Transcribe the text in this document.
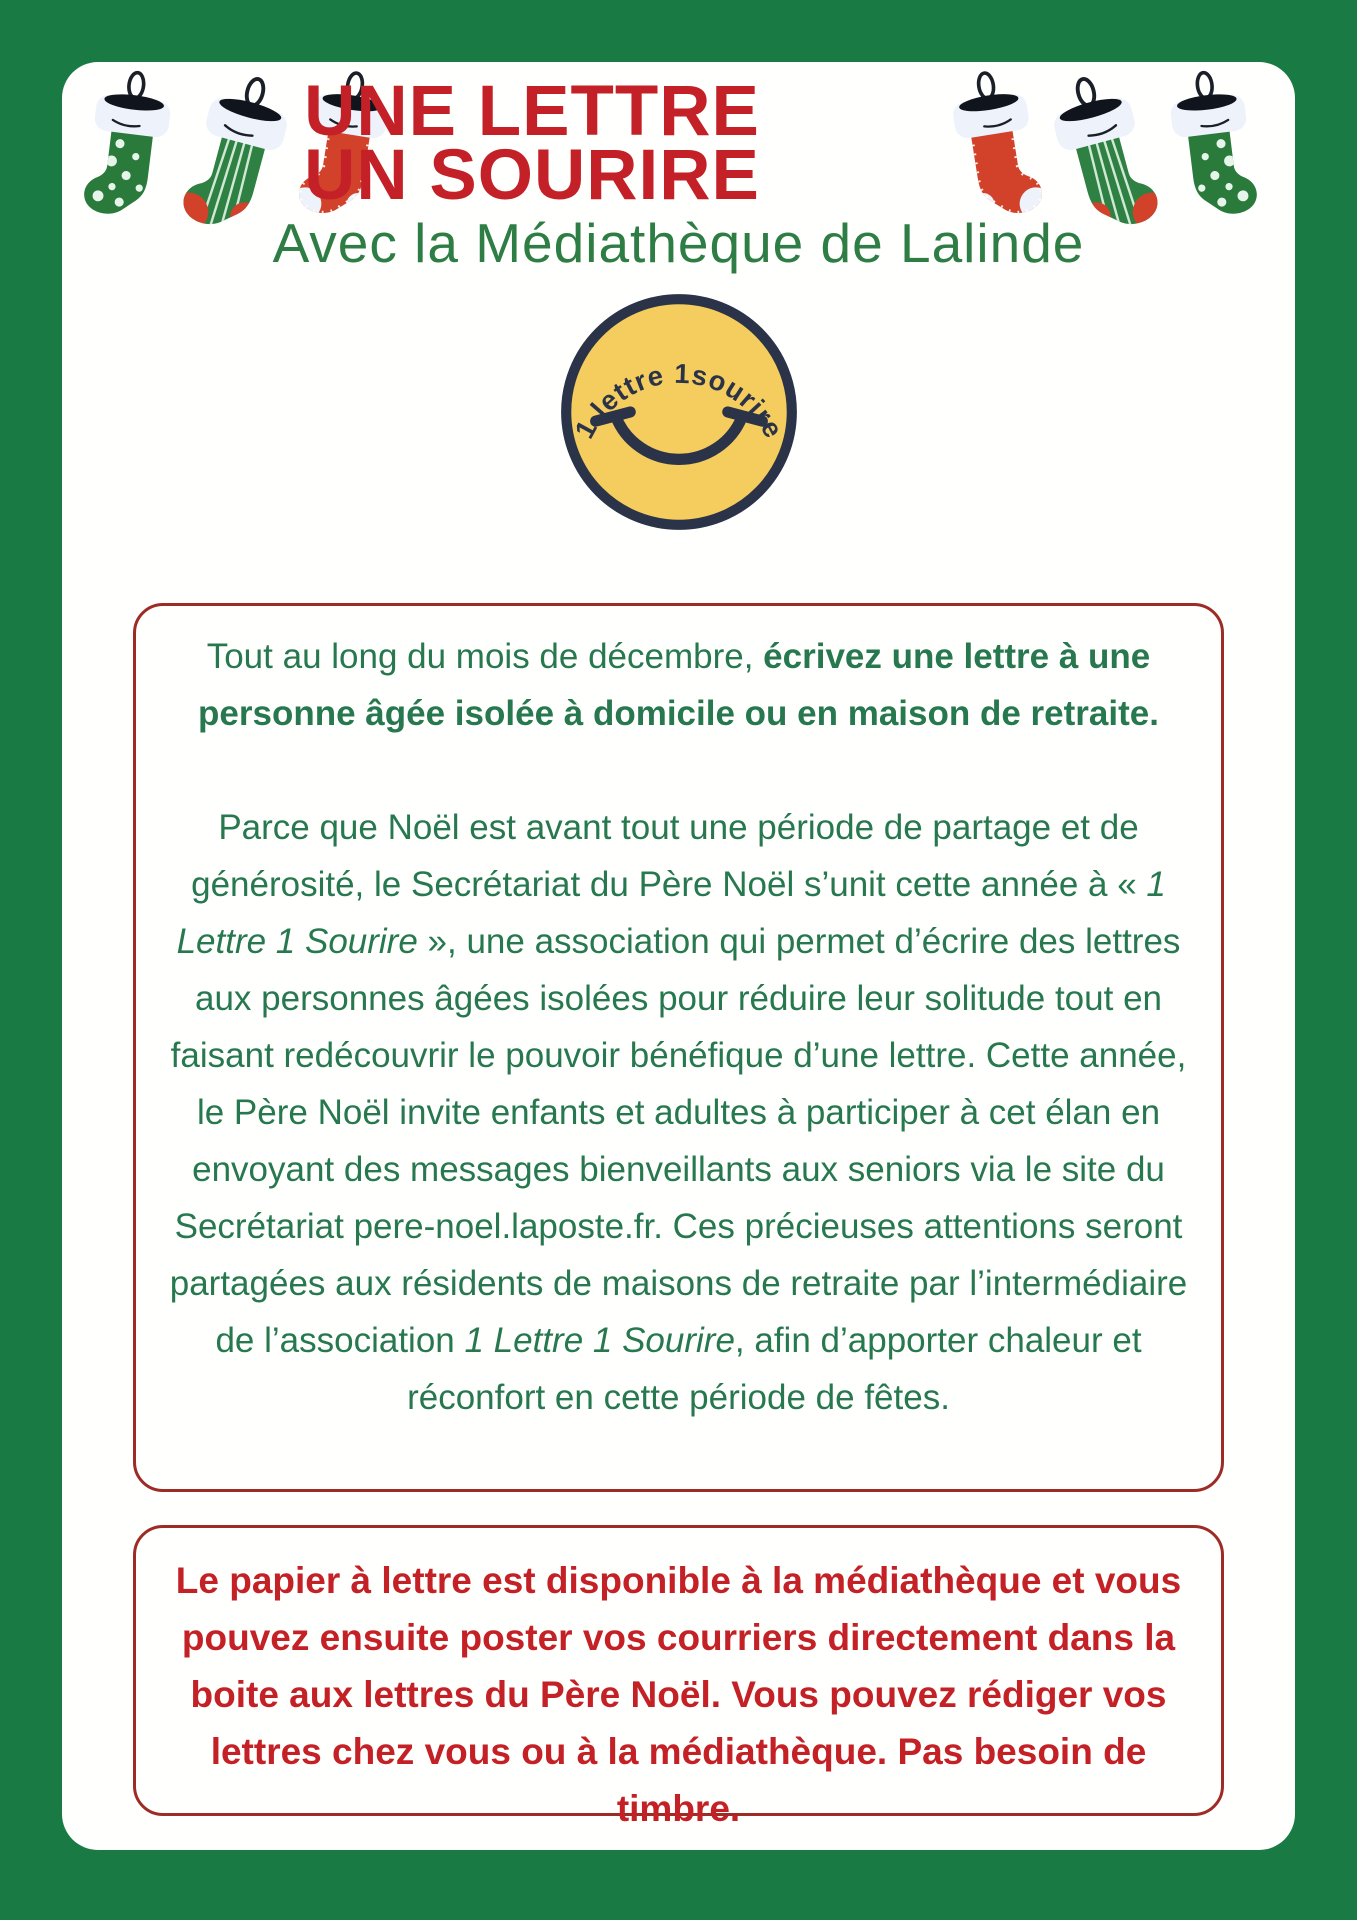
UNE LETTRE
UN SOURIRE
Avec la Médiathèque de Lalinde
1 lettre 1sourire

Tout au long du mois de décembre, écrivez une lettre à une personne âgée isolée à domicile ou en maison de retraite.

Parce que Noël est avant tout une période de partage et de générosité, le Secrétariat du Père Noël s’unit cette année à « 1 Lettre 1 Sourire », une association qui permet d’écrire des lettres aux personnes âgées isolées pour réduire leur solitude tout en faisant redécouvrir le pouvoir bénéfique d’une lettre. Cette année, le Père Noël invite enfants et adultes à participer à cet élan en envoyant des messages bienveillants aux seniors via le site du Secrétariat pere-noel.laposte.fr. Ces précieuses attentions seront partagées aux résidents de maisons de retraite par l’intermédiaire de l’association 1 Lettre 1 Sourire, afin d’apporter chaleur et réconfort en cette période de fêtes.

Le papier à lettre est disponible à la médiathèque et vous pouvez ensuite poster vos courriers directement dans la boite aux lettres du Père Noël. Vous pouvez rédiger vos lettres chez vous ou à la médiathèque. Pas besoin de timbre.
